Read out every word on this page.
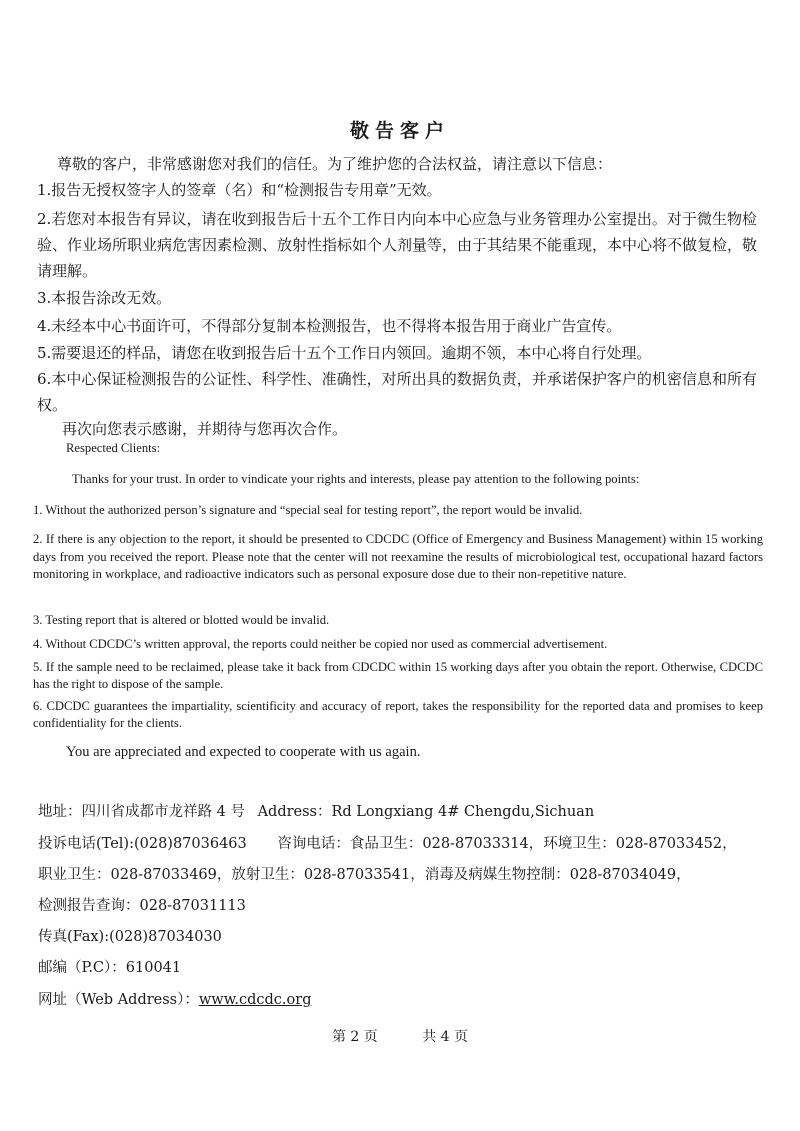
敬告客户
尊敬的客户，非常感谢您对我们的信任。为了维护您的合法权益，请注意以下信息：
1.报告无授权签字人的签章（名）和“检测报告专用章”无效。
2.若您对本报告有异议，请在收到报告后十五个工作日内向本中心应急与业务管理办公室提出。对于微生物检验、作业场所职业病危害因素检测、放射性指标如个人剂量等，由于其结果不能重现，本中心将不做复检，敬请理解。
3.本报告涂改无效。
4.未经本中心书面许可，不得部分复制本检测报告，也不得将本报告用于商业广告宣传。
5.需要退还的样品，请您在收到报告后十五个工作日内领回。逾期不领，本中心将自行处理。
6.本中心保证检测报告的公证性、科学性、准确性，对所出具的数据负责，并承诺保护客户的机密信息和所有权。
再次向您表示感谢，并期待与您再次合作。
Respected Clients:
Thanks for your trust. In order to vindicate your rights and interests, please pay attention to the following points:
1. Without the authorized person’s signature and “special seal for testing report”, the report would be invalid.
2. If there is any objection to the report, it should be presented to CDCDC (Office of Emergency and Business Management) within 15 working days from you received the report. Please note that the center will not reexamine the results of microbiological test, occupational hazard factors monitoring in workplace, and radioactive indicators such as personal exposure dose due to their non-repetitive nature.
3. Testing report that is altered or blotted would be invalid.
4. Without CDCDC’s written approval, the reports could neither be copied nor used as commercial advertisement.
5. If the sample need to be reclaimed, please take it back from CDCDC within 15 working days after you obtain the report. Otherwise, CDCDC has the right to dispose of the sample.
6. CDCDC guarantees the impartiality, scientificity and accuracy of report, takes the responsibility for the reported data and promises to keep confidentiality for the clients.
You are appreciated and expected to cooperate with us again.
地址：四川省成都市龙祥路 4 号 Address：Rd Longxiang 4# Chengdu,Sichuan
投诉电话(Tel):(028)87036463 咨询电话：食品卫生：028-87033314，环境卫生：028-87033452，
职业卫生：028-87033469，放射卫生：028-87033541，消毒及病媒生物控制：028-87034049，
检测报告查询：028-87031113
传真(Fax):(028)87034030
邮编（P.C）：610041
网址（Web Address）：www.cdcdc.org
第 2 页	共 4 页
